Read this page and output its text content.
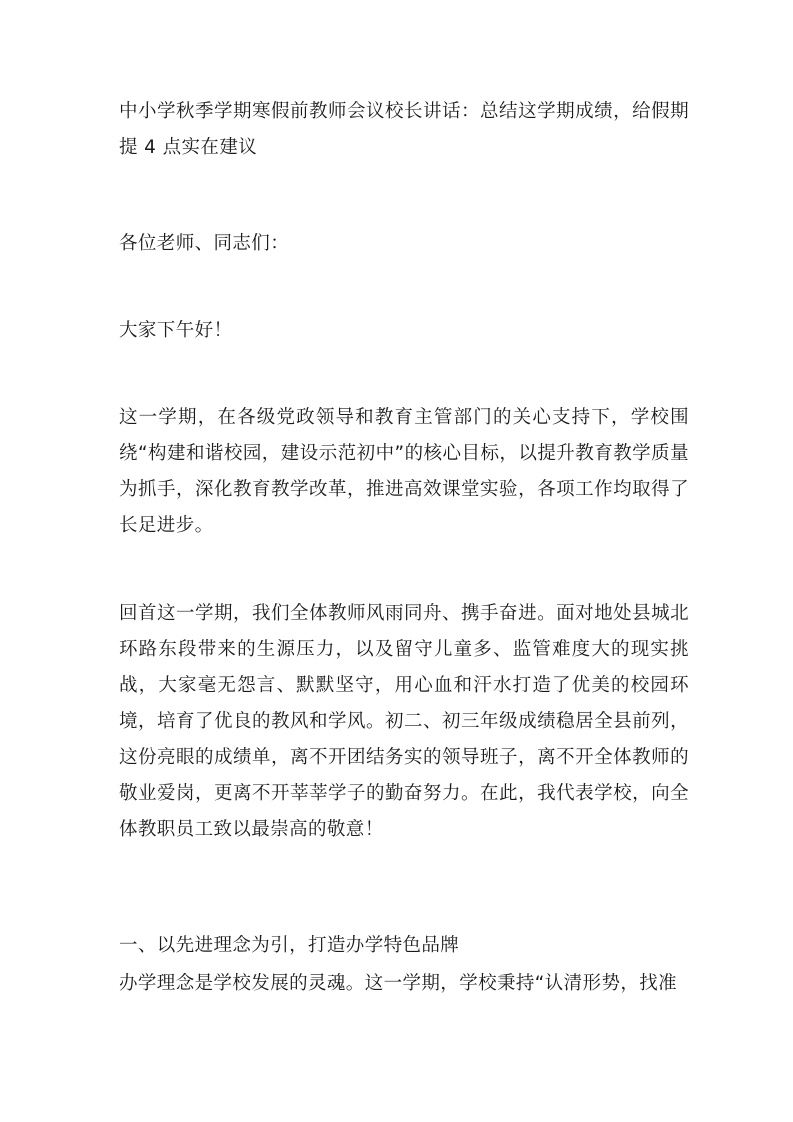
中小学秋季学期寒假前教师会议校长讲话：总结这学期成绩，给假期提 4 点实在建议

各位老师、同志们：

大家下午好！

这一学期，在各级党政领导和教育主管部门的关心支持下，学校围绕“构建和谐校园，建设示范初中”的核心目标，以提升教育教学质量为抓手，深化教育教学改革，推进高效课堂实验，各项工作均取得了长足进步。

回首这一学期，我们全体教师风雨同舟、携手奋进。面对地处县城北环路东段带来的生源压力，以及留守儿童多、监管难度大的现实挑战，大家毫无怨言、默默坚守，用心血和汗水打造了优美的校园环境，培育了优良的教风和学风。初二、初三年级成绩稳居全县前列，这份亮眼的成绩单，离不开团结务实的领导班子，离不开全体教师的敬业爱岗，更离不开莘莘学子的勤奋努力。在此，我代表学校，向全体教职员工致以最崇高的敬意！

一、以先进理念为引，打造办学特色品牌

办学理念是学校发展的灵魂。这一学期，学校秉持“认清形势，找准
